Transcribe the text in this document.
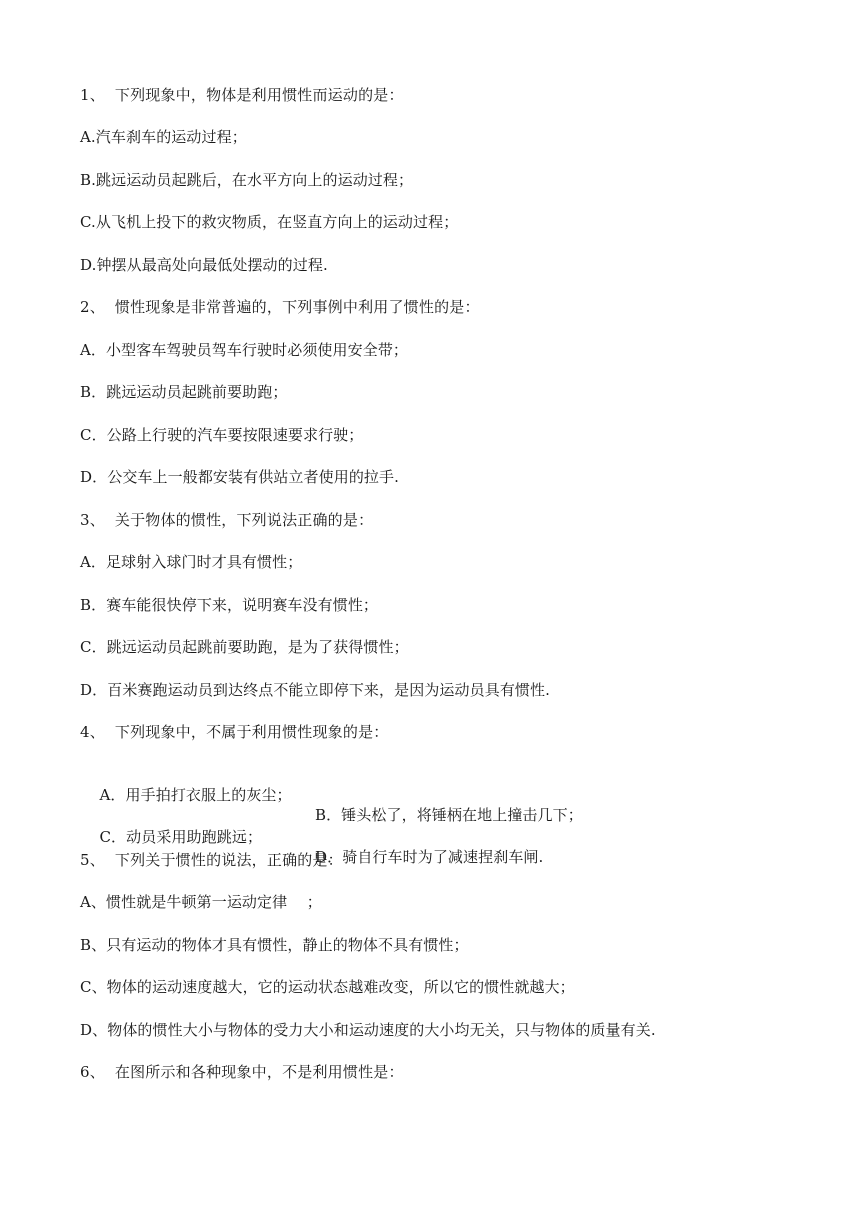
1、  下列现象中，物体是利用惯性而运动的是：
A.汽车刹车的运动过程；
B.跳远运动员起跳后，在水平方向上的运动过程；
C.从飞机上投下的救灾物质，在竖直方向上的运动过程；
D.钟摆从最高处向最低处摆动的过程.
2、  惯性现象是非常普遍的，下列事例中利用了惯性的是：
A．小型客车驾驶员驾车行驶时必须使用安全带；
B．跳远运动员起跳前要助跑；
C．公路上行驶的汽车要按限速要求行驶；
D．公交车上一般都安装有供站立者使用的拉手.
3、  关于物体的惯性，下列说法正确的是：
A．足球射入球门时才具有惯性；
B．赛车能很快停下来，说明赛车没有惯性；
C．跳远运动员起跳前要助跑，是为了获得惯性；
D．百米赛跑运动员到达终点不能立即停下来，是因为运动员具有惯性.
4、  下列现象中，不属于利用惯性现象的是：

A．用手拍打衣服上的灰尘；

B．锤头松了，将锤柄在地上撞击几下；

C．动员采用助跑跳远；

D．骑自行车时为了减速捏刹车闸.

5、  下列关于惯性的说法，正确的是：
A、惯性就是牛顿第一运动定律    ；
B、只有运动的物体才具有惯性，静止的物体不具有惯性；
C、物体的运动速度越大，它的运动状态越难改变，所以它的惯性就越大；
D、物体的惯性大小与物体的受力大小和运动速度的大小均无关，只与物体的质量有关.
6、  在图所示和各种现象中，不是利用惯性是：
